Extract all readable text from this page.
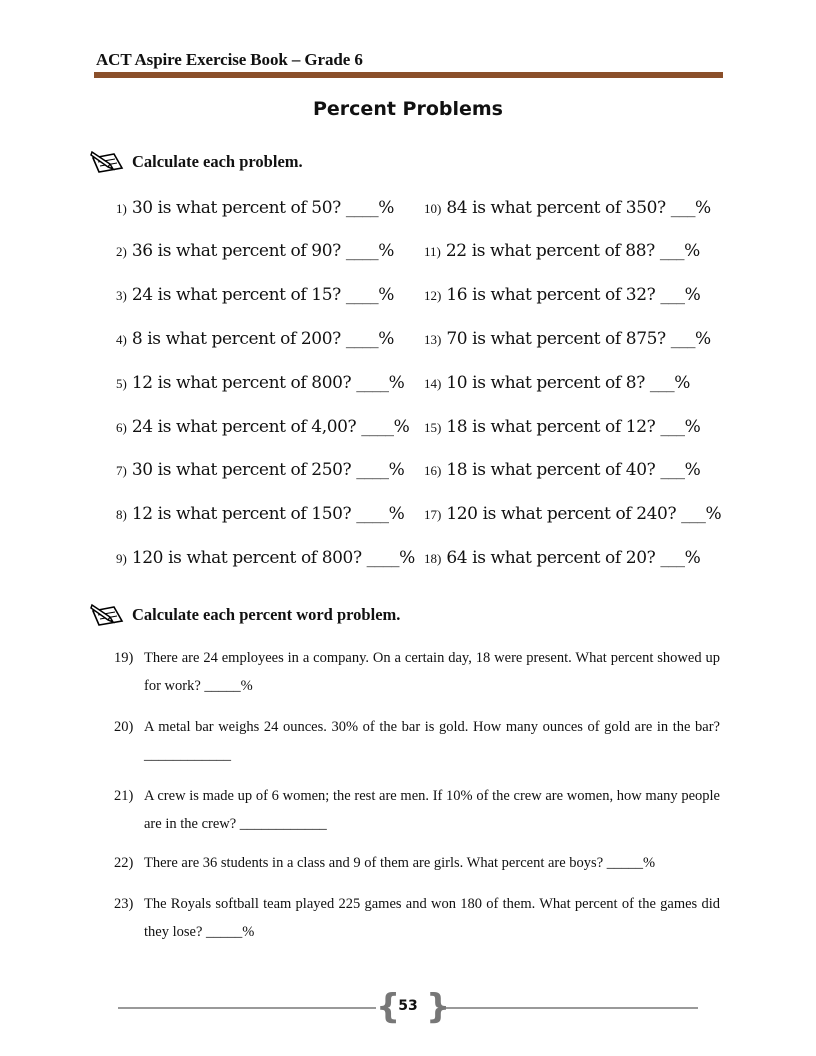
ACT Aspire Exercise Book – Grade 6
Percent Problems
Calculate each problem.
1) 30 is what percent of 50? ____%
2) 36 is what percent of 90? ____%
3) 24 is what percent of 15? ____%
4) 8 is what percent of 200? ____%
5) 12 is what percent of 800? ____%
6) 24 is what percent of 4,00? ____%
7) 30 is what percent of 250? ____%
8) 12 is what percent of 150? ____%
9) 120 is what percent of 800? ____%
10) 84 is what percent of 350? ___%
11) 22 is what percent of 88? ___%
12) 16 is what percent of 32? ___%
13) 70 is what percent of 875? ___%
14) 10 is what percent of 8? ___%
15) 18 is what percent of 12? ___%
16) 18 is what percent of 40? ___%
17) 120 is what percent of 240? ___%
18) 64 is what percent of 20? ___%
Calculate each percent word problem.
19) There are 24 employees in a company. On a certain day, 18 were present. What percent showed up for work? _____%
20) A metal bar weighs 24 ounces. 30% of the bar is gold. How many ounces of gold are in the bar? ____________
21) A crew is made up of 6 women; the rest are men. If 10% of the crew are women, how many people are in the crew? ____________
22) There are 36 students in a class and 9 of them are girls. What percent are boys? _____%
23) The Royals softball team played 225 games and won 180 of them. What percent of the games did they lose? _____%
{ }
53
